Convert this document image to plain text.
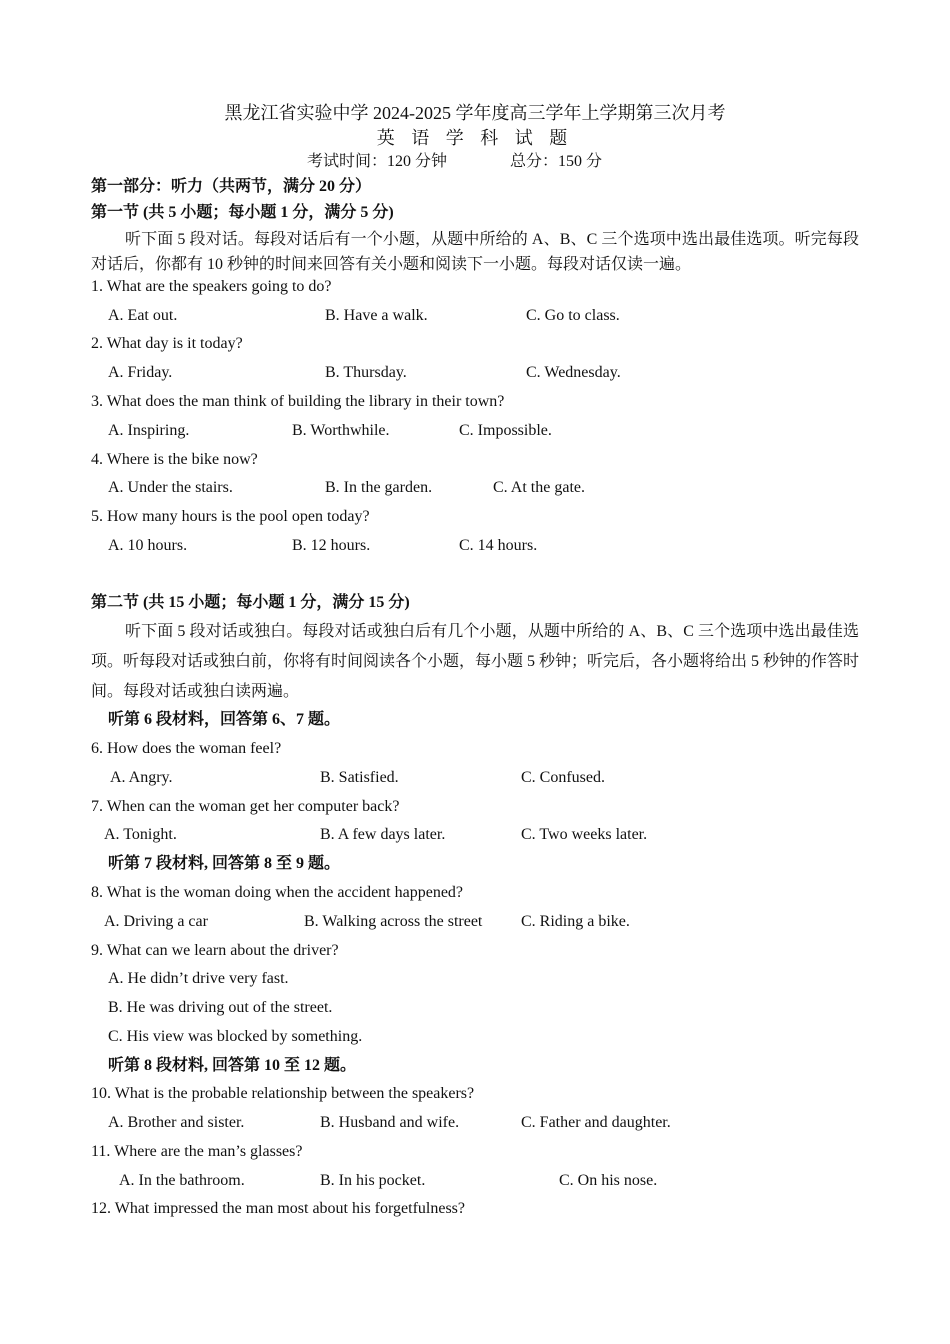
黑龙江省实验中学 2024-2025 学年度高三学年上学期第三次月考
英 语 学 科 试 题
考试时间：120 分钟	总分：150 分
第一部分：听力（共两节，满分 20 分）
第一节 (共 5 小题；每小题 1 分，满分 5 分)
听下面 5 段对话。每段对话后有一个小题，从题中所给的 A、B、C 三个选项中选出最佳选项。听完每段对话后，你都有 10 秒钟的时间来回答有关小题和阅读下一小题。每段对话仅读一遍。
1. What are the speakers going to do?
A. Eat out.	B. Have a walk.	C. Go to class.
2. What day is it today?
A. Friday.	B. Thursday.	C. Wednesday.
3. What does the man think of building the library in their town?
A. Inspiring.	B. Worthwhile.	C. Impossible.
4. Where is the bike now?
A. Under the stairs.	B. In the garden.	C. At the gate.
5. How many hours is the pool open today?
A. 10 hours.	B. 12 hours.	C. 14 hours.
第二节 (共 15 小题；每小题 1 分，满分 15 分)
听下面 5 段对话或独白。每段对话或独白后有几个小题，从题中所给的 A、B、C 三个选项中选出最佳选项。听每段对话或独白前，你将有时间阅读各个小题，每小题 5 秒钟；听完后，各小题将给出 5 秒钟的作答时间。每段对话或独白读两遍。
听第 6 段材料，回答第 6、7 题。
6. How does the woman feel?
A. Angry.	B. Satisfied.	C. Confused.
7. When can the woman get her computer back?
A. Tonight.	B. A few days later.	C. Two weeks later.
听第 7 段材料, 回答第 8 至 9 题。
8. What is the woman doing when the accident happened?
A. Driving a car	B. Walking across the street C. Riding a bike.
9. What can we learn about the driver?
A. He didn’t drive very fast.
B. He was driving out of the street.
C. His view was blocked by something.
听第 8 段材料, 回答第 10 至 12 题。
10. What is the probable relationship between the speakers?
A. Brother and sister.	B. Husband and wife.	C. Father and daughter.
11. Where are the man’s glasses?
A. In the bathroom.	B. In his pocket.	C. On his nose.
12. What impressed the man most about his forgetfulness?
